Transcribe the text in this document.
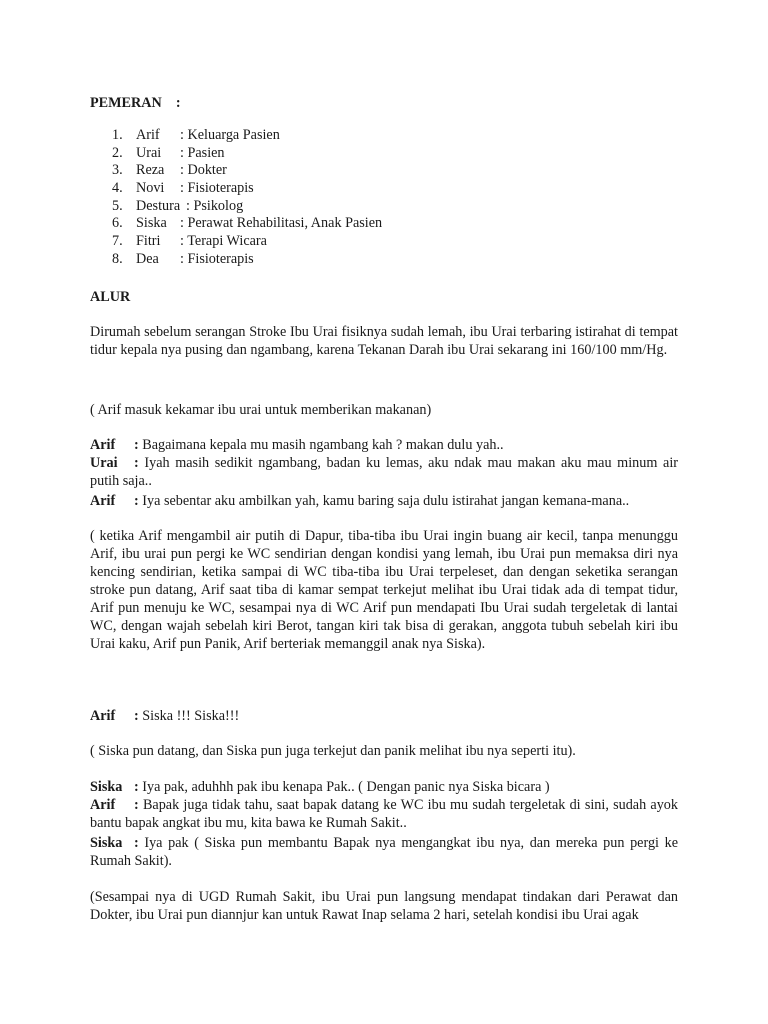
PEMERAN    :
1. Arif : Keluarga Pasien
2. Urai : Pasien
3. Reza : Dokter
4. Novi : Fisioterapis
5. Destura : Psikolog
6. Siska : Perawat Rehabilitasi, Anak Pasien
7. Fitri : Terapi Wicara
8. Dea : Fisioterapis
ALUR

Dirumah sebelum serangan Stroke Ibu Urai fisiknya sudah lemah, ibu Urai terbaring istirahat di tempat tidur kepala nya pusing dan ngambang, karena Tekanan Darah ibu Urai sekarang ini 160/100 mm/Hg.

( Arif masuk kekamar ibu urai untuk memberikan makanan)

Arif : Bagaimana kepala mu masih ngambang kah ? makan dulu yah..

Urai : Iyah masih sedikit ngambang, badan ku lemas, aku ndak mau makan aku mau minum air putih saja..

Arif : Iya sebentar aku ambilkan yah, kamu baring saja dulu istirahat jangan kemana-mana..

( ketika Arif mengambil air putih di Dapur, tiba-tiba ibu Urai ingin buang air kecil, tanpa menunggu Arif, ibu urai pun pergi ke WC sendirian dengan kondisi yang lemah, ibu Urai pun memaksa diri nya kencing sendirian, ketika sampai di WC tiba-tiba ibu Urai terpeleset, dan dengan seketika serangan stroke pun datang, Arif saat tiba di kamar sempat terkejut melihat ibu Urai tidak ada di tempat tidur, Arif pun menuju ke WC, sesampai nya di WC Arif pun mendapati Ibu Urai sudah tergeletak di lantai WC, dengan wajah sebelah kiri Berot, tangan kiri tak bisa di gerakan, anggota tubuh sebelah kiri ibu Urai kaku, Arif pun Panik, Arif berteriak memanggil anak nya Siska).

Arif : Siska !!! Siska!!!

( Siska pun datang, dan Siska pun juga terkejut dan panik melihat ibu nya seperti itu).

Siska : Iya pak, aduhhh pak ibu kenapa Pak.. ( Dengan panic nya Siska bicara )

Arif : Bapak juga tidak tahu, saat bapak datang ke WC ibu mu sudah tergeletak di sini, sudah ayok bantu bapak angkat ibu mu, kita bawa ke Rumah Sakit..

Siska : Iya pak ( Siska pun membantu Bapak nya mengangkat ibu nya, dan mereka pun pergi ke Rumah Sakit).

(Sesampai nya di UGD Rumah Sakit, ibu Urai pun langsung mendapat tindakan dari Perawat dan Dokter, ibu Urai pun diannjur kan untuk Rawat Inap selama 2 hari, setelah kondisi ibu Urai agak
